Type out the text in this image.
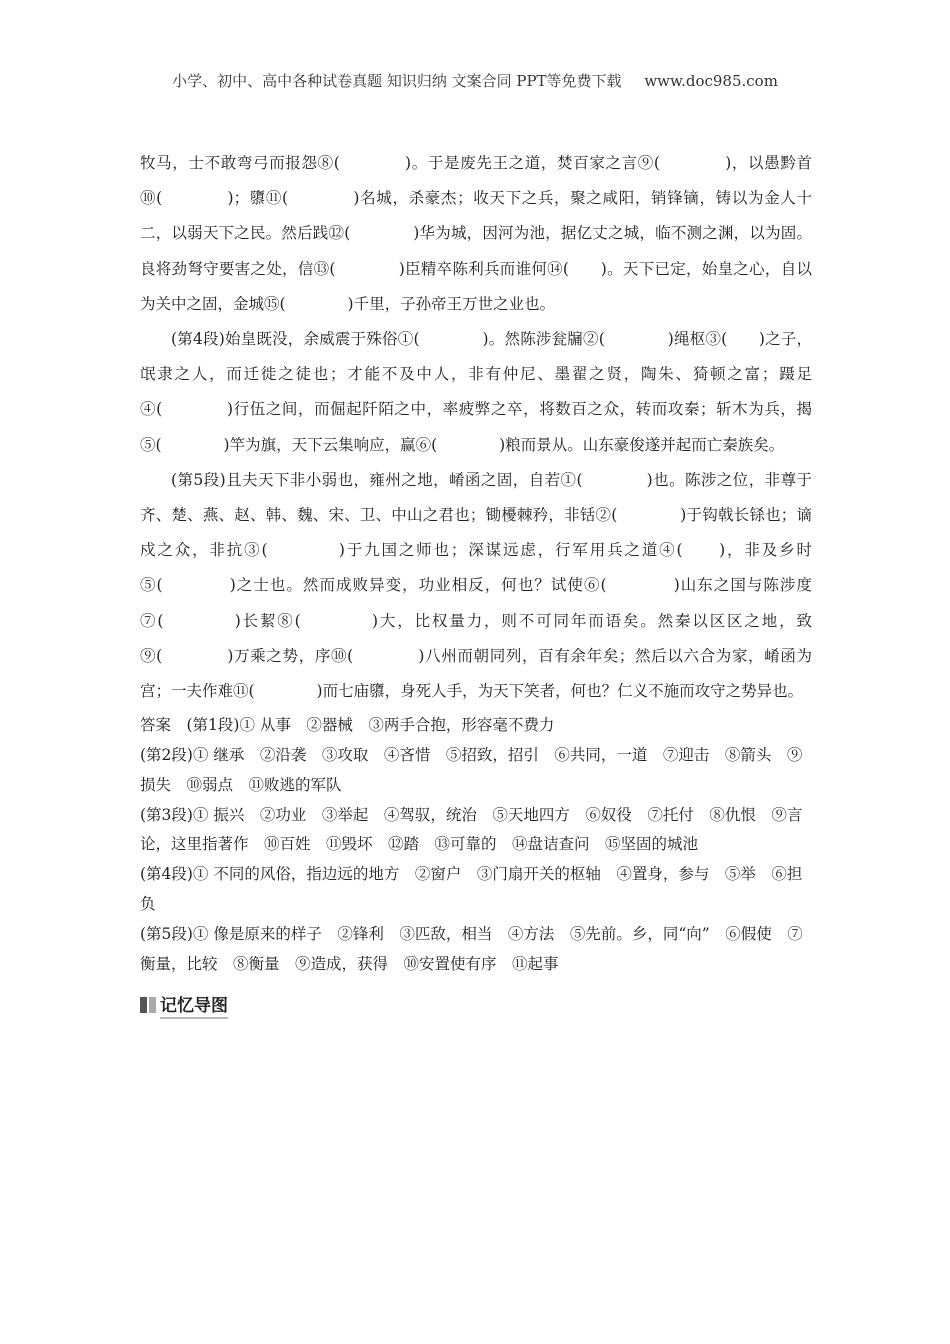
小学、初中、高中各种试卷真题 知识归纳 文案合同 PPT等免费下载 www.doc985.com

牧马，士不敢弯弓而报怨⑧(　　　　)。于是废先王之道，焚百家之言⑨(　　　　)，以愚黔首⑩(　　　　)；隳⑪(　　　　)名城，杀豪杰；收天下之兵，聚之咸阳，销锋镝，铸以为金人十二，以弱天下之民。然后践⑫(　　　　)华为城，因河为池，据亿丈之城，临不测之渊，以为固。良将劲弩守要害之处，信⑬(　　　　)臣精卒陈利兵而谁何⑭(　　)。天下已定，始皇之心，自以为关中之固，金城⑮(　　　　)千里，子孙帝王万世之业也。

(第4段)始皇既没，余威震于殊俗①(　　　　)。然陈涉瓮牖②(　　　　)绳枢③(　　)之子，氓隶之人，而迁徙之徒也；才能不及中人，非有仲尼、墨翟之贤，陶朱、猗顿之富；蹑足④(　　　　)行伍之间，而倔起阡陌之中，率疲弊之卒，将数百之众，转而攻秦；斩木为兵，揭⑤(　　　　)竿为旗，天下云集响应，赢⑥(　　　　)粮而景从。山东豪俊遂并起而亡秦族矣。

(第5段)且夫天下非小弱也，雍州之地，崤函之固，自若①(　　　　)也。陈涉之位，非尊于齐、楚、燕、赵、韩、魏、宋、卫、中山之君也；锄櫌棘矜，非铦②(　　　　)于钩戟长铩也；谪戍之众，非抗③(　　　　)于九国之师也；深谋远虑，行军用兵之道④(　　)，非及乡时⑤(　　　　)之士也。然而成败异变，功业相反，何也？试使⑥(　　　　)山东之国与陈涉度⑦(　　　　)长絜⑧(　　　　)大，比权量力，则不可同年而语矣。然秦以区区之地，致⑨(　　　　)万乘之势，序⑩(　　　　)八州而朝同列，百有余年矣；然后以六合为家，崤函为宫；一夫作难⑪(　　　　)而七庙隳，身死人手，为天下笑者，何也？仁义不施而攻守之势异也。

答案　(第1段)① 从事　②器械　③两手合抱，形容毫不费力

(第2段)① 继承　②沿袭　③攻取　④吝惜　⑤招致，招引　⑥共同，一道　⑦迎击　⑧箭头　⑨损失　⑩弱点　⑪败逃的军队

(第3段)① 振兴　②功业　③举起　④驾驭，统治　⑤天地四方　⑥奴役　⑦托付　⑧仇恨　⑨言论，这里指著作　⑩百姓　⑪毁坏　⑫踏　⑬可靠的　⑭盘诘查问　⑮坚固的城池

(第4段)① 不同的风俗，指边远的地方　②窗户　③门扇开关的枢轴　④置身，参与　⑤举　⑥担负

(第5段)① 像是原来的样子　②锋利　③匹敌，相当　④方法　⑤先前。乡，同“向”　⑥假使　⑦衡量，比较　⑧衡量　⑨造成，获得　⑩安置使有序　⑪起事

记忆导图
